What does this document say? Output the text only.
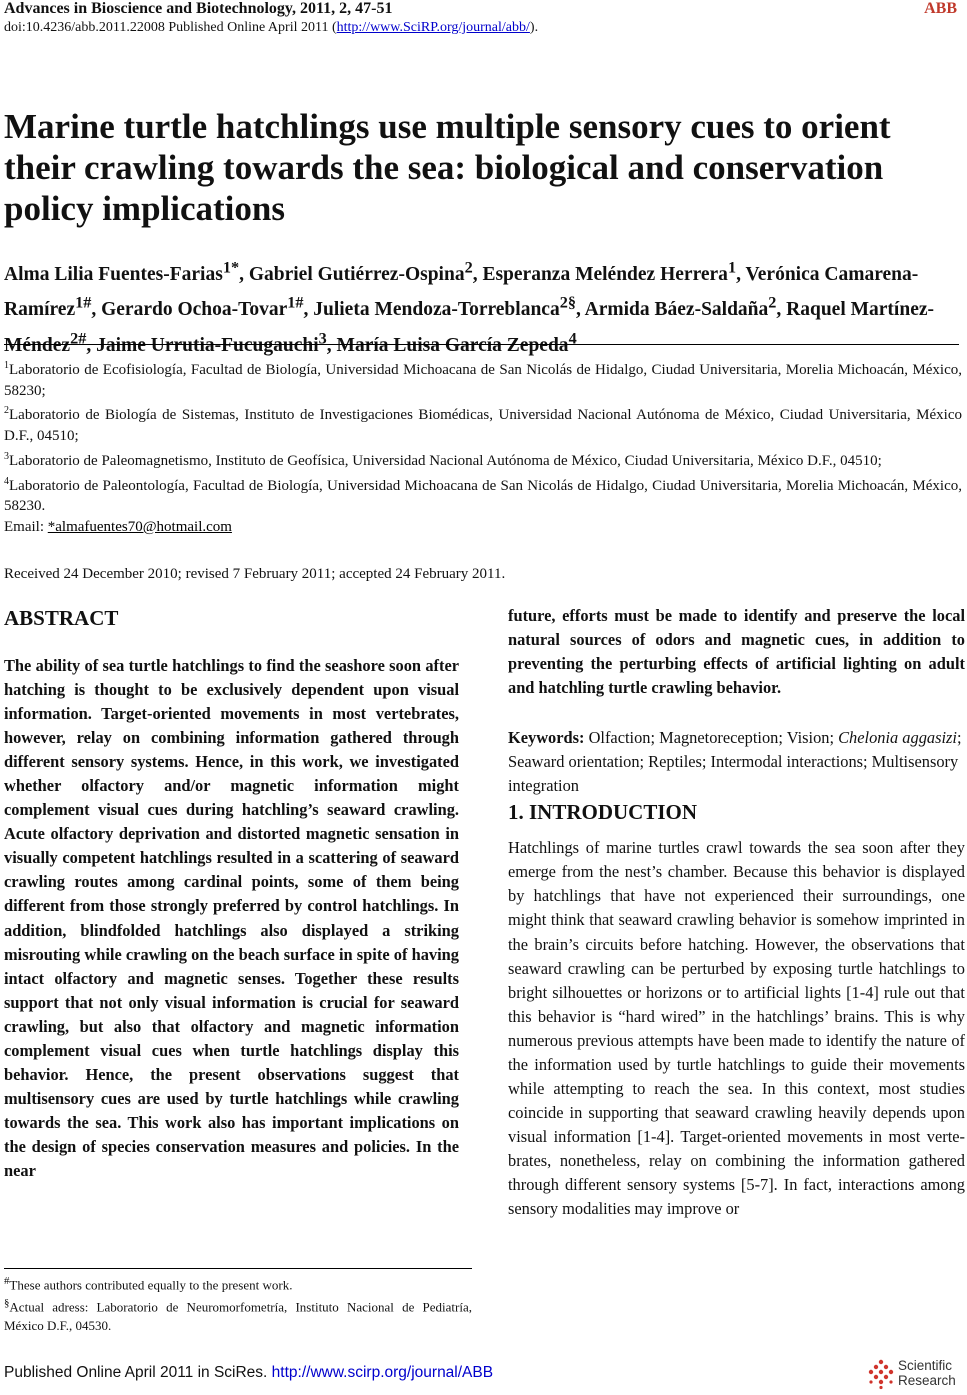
Advances in Bioscience and Biotechnology, 2011, 2, 47-51	ABB
doi:10.4236/abb.2011.22008 Published Online April 2011 (http://www.SciRP.org/journal/abb/).
Marine turtle hatchlings use multiple sensory cues to orient their crawling towards the sea: biological and conservation policy implications

Alma Lilia Fuentes-Farias$^{1*}$, Gabriel Gutiérrez-Ospina$^2$, Esperanza Meléndez Herrera$^1$, Verónica Camarena-Ramírez$^{1\#}$, Gerardo Ochoa-Tovar$^{1\#}$, Julieta Mendoza-Torreblanca$^{2\S}$, Armida Báez-Saldaña$^2$, Raquel Martínez-Méndez$^{2\#}$, Jaime Urrutia-Fucugauchi$^3$, María Luisa García Zepeda$^4$

$^1$Laboratorio de Ecofisiología, Facultad de Biología, Universidad Michoacana de San Nicolás de Hidalgo, Ciudad Universitaria, Morelia Michoacán, México, 58230;

$^2$Laboratorio de Biología de Sistemas, Instituto de Investigaciones Biomédicas, Universidad Nacional Autónoma de México, Ciudad Universitaria, México D.F., 04510;

$^3$Laboratorio de Paleomagnetismo, Instituto de Geofísica, Universidad Nacional Autónoma de México, Ciudad Universitaria, México D.F., 04510;

$^4$Laboratorio de Paleontología, Facultad de Biología, Universidad Michoacana de San Nicolás de Hidalgo, Ciudad Universitaria, Morelia Michoacán, México, 58230.

Email: *almafuentes70@hotmail.com

Received 24 December 2010; revised 7 February 2011; accepted 24 February 2011.
ABSTRACT

The ability of sea turtle hatchlings to find the seashore soon after hatching is thought to be exclusively dependent upon visual information. Target-oriented movements in most vertebrates, however, relay on combining information gathered through different sensory systems. Hence, in this work, we investigated whether olfactory and/or magnetic information might complement visual cues during hatchling’s seaward crawling. Acute olfactory deprivation and distorted magnetic sensation in visually competent hatchlings resulted in a scattering of seaward crawling routes among cardinal points, some of them being different from those strongly preferred by control hatchlings. In addition, blindfolded hatchlings also displayed a striking misrouting while crawling on the beach surface in spite of having intact olfactory and magnetic senses. Together these results support that not only visual information is crucial for seaward crawling, but also that olfactory and magnetic information complement visual cues when turtle hatchlings display this behavior. Hence, the present observations suggest that multisensory cues are used by turtle hatchlings while crawling towards the sea. This work also has important implications on the design of species conservation measures and policies. In the near

future, efforts must be made to identify and preserve the local natural sources of odors and magnetic cues, in addition to preventing the perturbing effects of artificial lighting on adult and hatchling turtle crawling behavior.

Keywords: Olfaction; Magnetoreception; Vision; Chelonia aggasizi; Seaward orientation; Reptiles; Intermodal interactions; Multisensory integration

1. INTRODUCTION

Hatchlings of marine turtles crawl towards the sea soon after they emerge from the nest’s chamber. Because this behavior is displayed by hatchlings that have not experienced their surroundings, one might think that seaward crawling behavior is somehow imprinted in the brain’s circuits before hatching. However, the observations that seaward crawling can be perturbed by exposing turtle hatchlings to bright silhouettes or horizons or to artificial lights [1-4] rule out that this behavior is “hard wired” in the hatchlings’ brains. This is why numerous previous attempts have been made to identify the nature of the information used by turtle hatchlings to guide their movements while attempting to reach the sea. In this context, most studies coincide in supporting that seaward crawling heavily depends upon visual information [1-4]. Target-oriented movements in most vertebrates, nonetheless, relay on combining the information gathered through different sensory systems [5-7]. In fact, interactions among sensory modalities may improve or

#These authors contributed equally to the present work.

§Actual adress: Laboratorio de Neuromorfometría, Instituto Nacional de Pediatría, México D.F., 04530.

Published Online April 2011 in SciRes. http://www.scirp.org/journal/ABB	Scientific
Research
